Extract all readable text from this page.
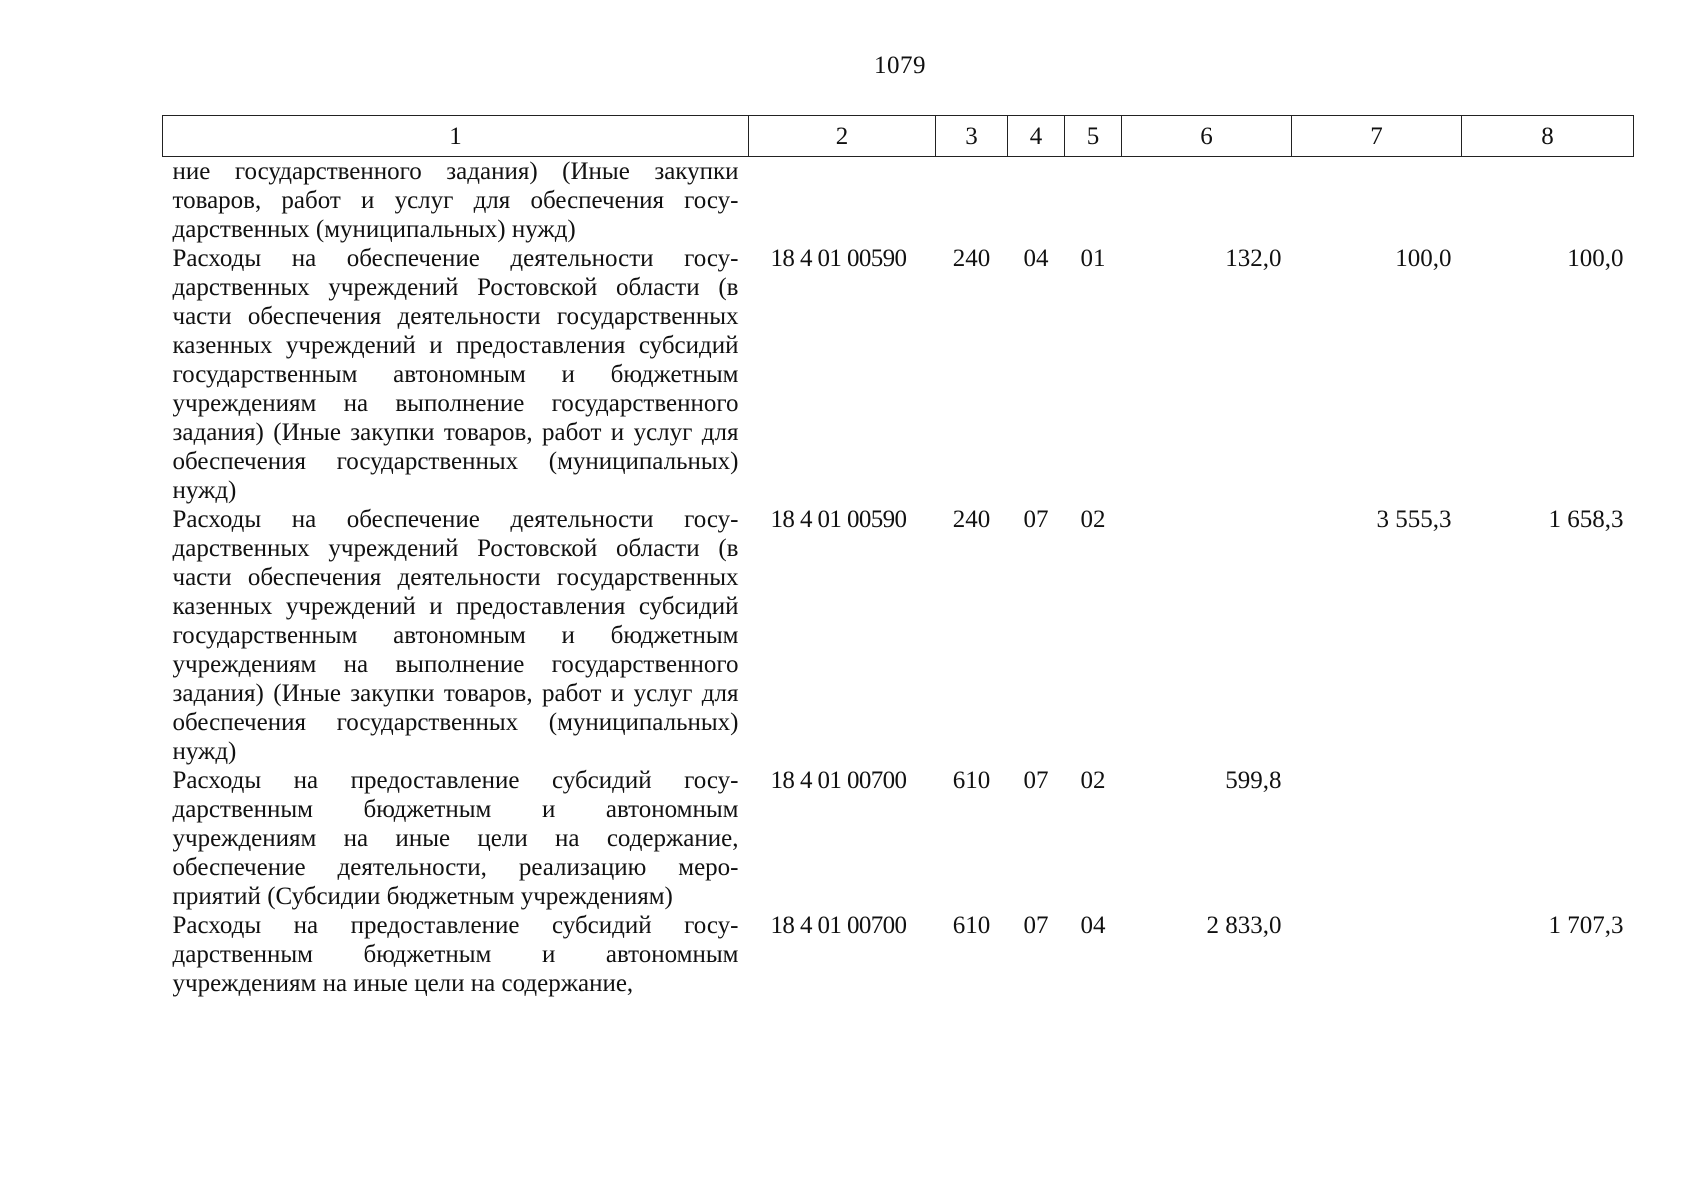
1079
1	2	3	4	5	6	7	8
ние государственного задания) (Иные закупки товаров, работ и услуг для обеспечения государственных (муниципальных) нужд)							
Расходы на обеспечение деятельности государственных учреждений Ростовской области (в части обеспечения деятельности государственных казенных учреждений и предоставления субсидий государственным автономным и бюджетным учреждениям на выполнение государственного задания) (Иные закупки товаров, работ и услуг для обеспечения государственных (муниципальных) нужд)	18 4 01 00590	240	04	01	132,0	100,0	100,0
Расходы на обеспечение деятельности государственных учреждений Ростовской области (в части обеспечения деятельности государственных казенных учреждений и предоставления субсидий государственным автономным и бюджетным учреждениям на выполнение государственного задания) (Иные закупки товаров, работ и услуг для обеспечения государственных (муниципальных) нужд)	18 4 01 00590	240	07	02		3 555,3	1 658,3
Расходы на предоставление субсидий государственным бюджетным и автономным учреждениям на иные цели на содержание, обеспечение деятельности, реализацию мероприятий (Субсидии бюджетным учреждениям)	18 4 01 00700	610	07	02	599,8		
Расходы на предоставление субсидий государственным бюджетным и автономным учреждениям на иные цели на содержание,	18 4 01 00700	610	07	04	2 833,0		1 707,3
